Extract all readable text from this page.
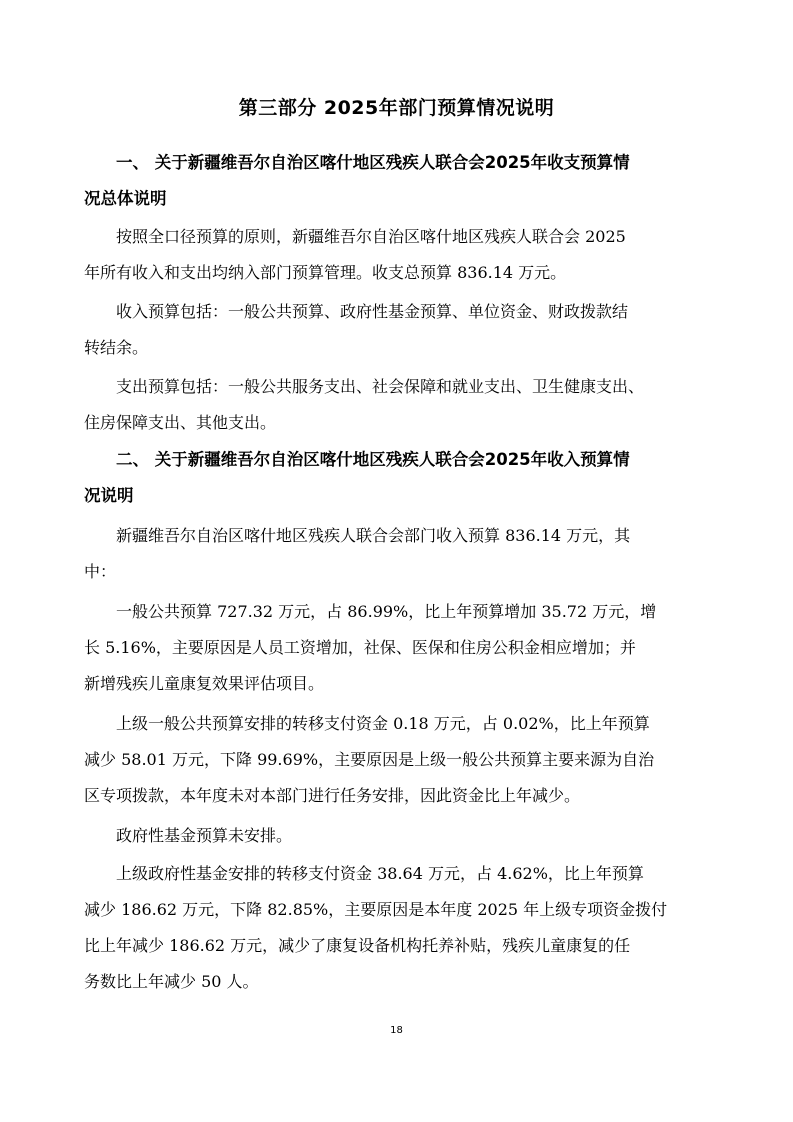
第三部分 2025年部门预算情况说明
一、 关于新疆维吾尔自治区喀什地区残疾人联合会2025年收支预算情
况总体说明
按照全口径预算的原则，新疆维吾尔自治区喀什地区残疾人联合会 2025
年所有收入和支出均纳入部门预算管理。收支总预算 836.14 万元。
收入预算包括：一般公共预算、政府性基金预算、单位资金、财政拨款结
转结余。
支出预算包括：一般公共服务支出、社会保障和就业支出、卫生健康支出、
住房保障支出、其他支出。
二、 关于新疆维吾尔自治区喀什地区残疾人联合会2025年收入预算情
况说明
新疆维吾尔自治区喀什地区残疾人联合会部门收入预算 836.14 万元，其
中：
一般公共预算 727.32 万元，占 86.99%，比上年预算增加 35.72 万元，增
长 5.16%，主要原因是人员工资增加，社保、医保和住房公积金相应增加；并
新增残疾儿童康复效果评估项目。
上级一般公共预算安排的转移支付资金 0.18 万元，占 0.02%，比上年预算
减少 58.01 万元，下降 99.69%，主要原因是上级一般公共预算主要来源为自治
区专项拨款，本年度未对本部门进行任务安排，因此资金比上年减少。
政府性基金预算未安排。
上级政府性基金安排的转移支付资金 38.64 万元，占 4.62%，比上年预算
减少 186.62 万元，下降 82.85%，主要原因是本年度 2025 年上级专项资金拨付
比上年减少 186.62 万元，减少了康复设备机构托养补贴，残疾儿童康复的任
务数比上年减少 50 人。
18
